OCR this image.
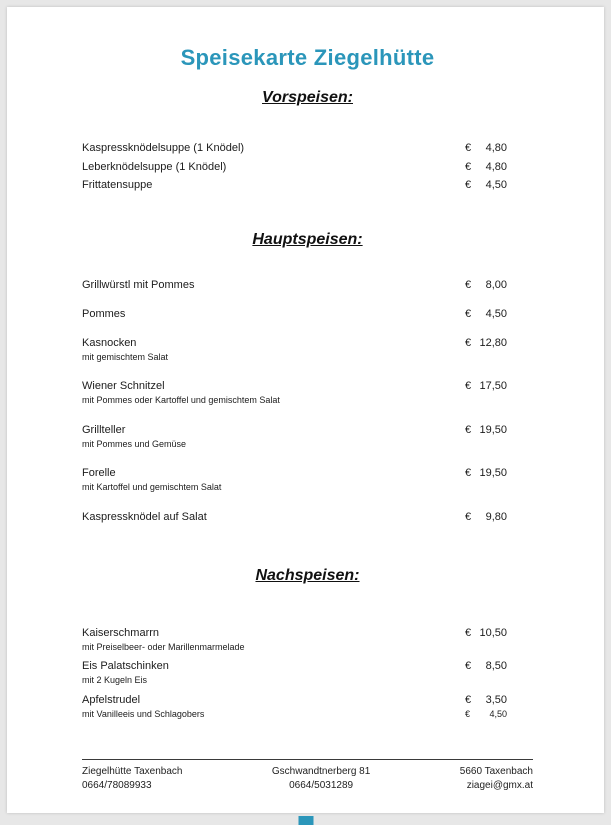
Speisekarte Ziegelhütte
Vorspeisen:
Kaspressknödelsuppe (1 Knödel)	€ 4,80
Leberknödelsuppe (1 Knödel)	€ 4,80
Frittatensuppe	€ 4,50
Hauptspeisen:
Grillwürstl mit Pommes	€ 8,00
Pommes	€ 4,50
Kasnocken	€ 12,80
mit gemischtem Salat
Wiener Schnitzel	€ 17,50
mit Pommes oder Kartoffel und gemischtem Salat
Grillteller	€ 19,50
mit Pommes und Gemüse
Forelle	€ 19,50
mit Kartoffel und gemischtem Salat
Kaspressknödel auf Salat	€ 9,80
Nachspeisen:
Kaiserschmarrn	€ 10,50
mit Preiselbeer- oder Marillenmarmelade
Eis Palatschinken	€ 8,50
mit 2 Kugeln Eis
Apfelstrudel	€ 3,50
mit Vanilleeis und Schlagobers	€ 4,50
Ziegelhütte Taxenbach
0664/78089933
Gschwandtnerberg 81
0664/5031289
5660 Taxenbach
ziagei@gmx.at
